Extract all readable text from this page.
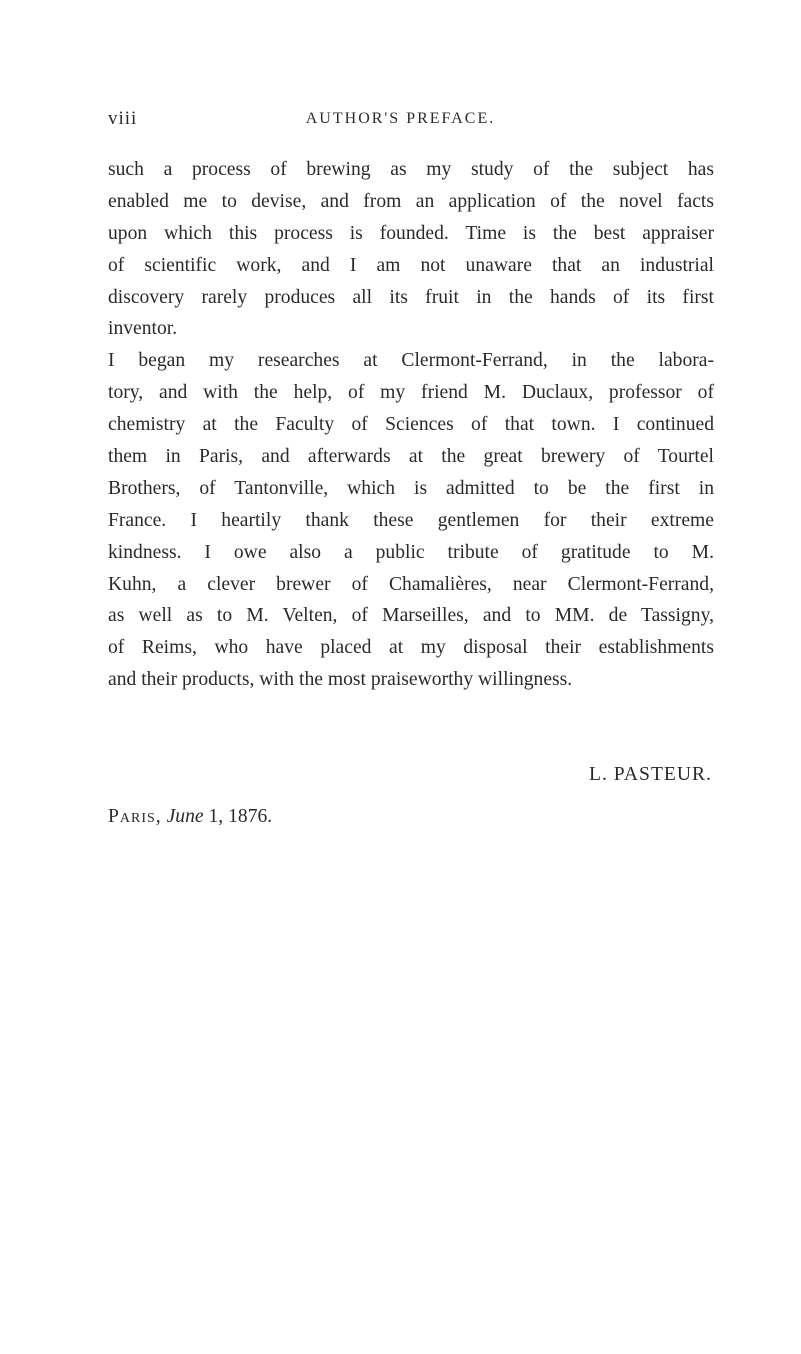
viii	AUTHOR'S PREFACE.
such a process of brewing as my study of the subject has
enabled me to devise, and from an application of the novel facts
upon which this process is founded. Time is the best appraiser
of scientific work, and I am not unaware that an industrial
discovery rarely produces all its fruit in the hands of its first
inventor.
I began my researches at Clermont-Ferrand, in the labora-
tory, and with the help, of my friend M. Duclaux, professor of
chemistry at the Faculty of Sciences of that town. I continued
them in Paris, and afterwards at the great brewery of Tourtel
Brothers, of Tantonville, which is admitted to be the first in
France. I heartily thank these gentlemen for their extreme
kindness. I owe also a public tribute of gratitude to M.
Kuhn, a clever brewer of Chamalières, near Clermont-Ferrand,
as well as to M. Velten, of Marseilles, and to MM. de Tassigny,
of Reims, who have placed at my disposal their establishments
and their products, with the most praiseworthy willingness.
L. PASTEUR.
Paris, June 1, 1876.
